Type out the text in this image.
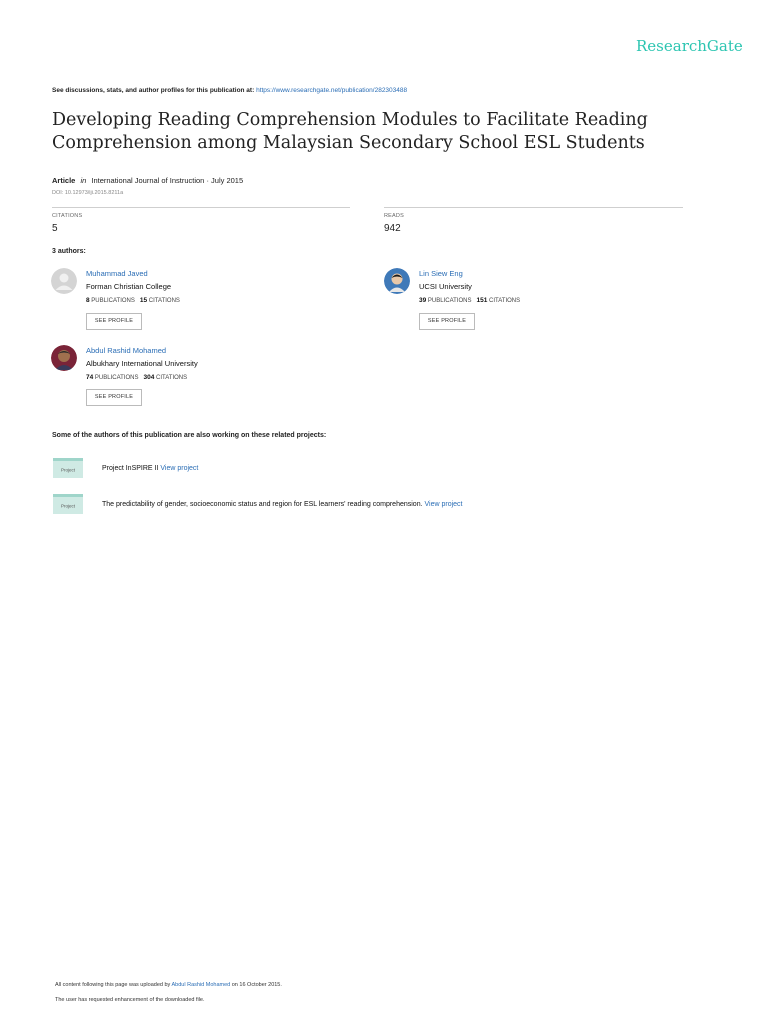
ResearchGate
See discussions, stats, and author profiles for this publication at: https://www.researchgate.net/publication/282303488
Developing Reading Comprehension Modules to Facilitate Reading Comprehension among Malaysian Secondary School ESL Students
Article in International Journal of Instruction · July 2015
DOI: 10.12973/iji.2015.8211a
CITATIONS
5
READS
942
3 authors:
Muhammad Javed
Forman Christian College
8 PUBLICATIONS 15 CITATIONS
SEE PROFILE
Lin Siew Eng
UCSI University
39 PUBLICATIONS 151 CITATIONS
SEE PROFILE
Abdul Rashid Mohamed
Albukhary International University
74 PUBLICATIONS 304 CITATIONS
SEE PROFILE
Some of the authors of this publication are also working on these related projects:
Project	Project InSPIRE II View project
Project	The predictability of gender, socioeconomic status and region for ESL learners' reading comprehension. View project
All content following this page was uploaded by Abdul Rashid Mohamed on 16 October 2015.
The user has requested enhancement of the downloaded file.
